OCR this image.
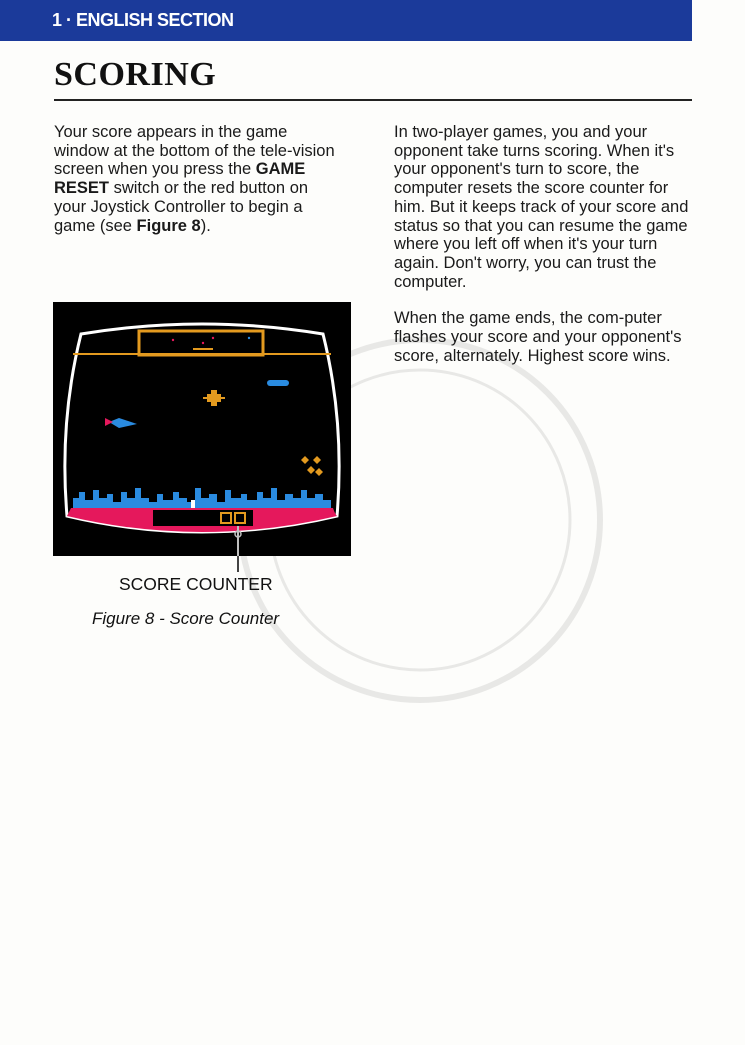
1 · ENGLISH SECTION
SCORING

Your score appears in the game window at the bottom of the tele-vision screen when you press the GAME RESET switch or the red button on your Joystick Controller to begin a game (see Figure 8).

In two-player games, you and your opponent take turns scoring. When it's your opponent's turn to score, the computer resets the score counter for him. But it keeps track of your score and status so that you can resume the game where you left off when it's your turn again. Don't worry, you can trust the computer.

When the game ends, the com-puter flashes your score and your opponent's score, alternately. Highest score wins.

SCORE COUNTER
Figure 8 - Score Counter
